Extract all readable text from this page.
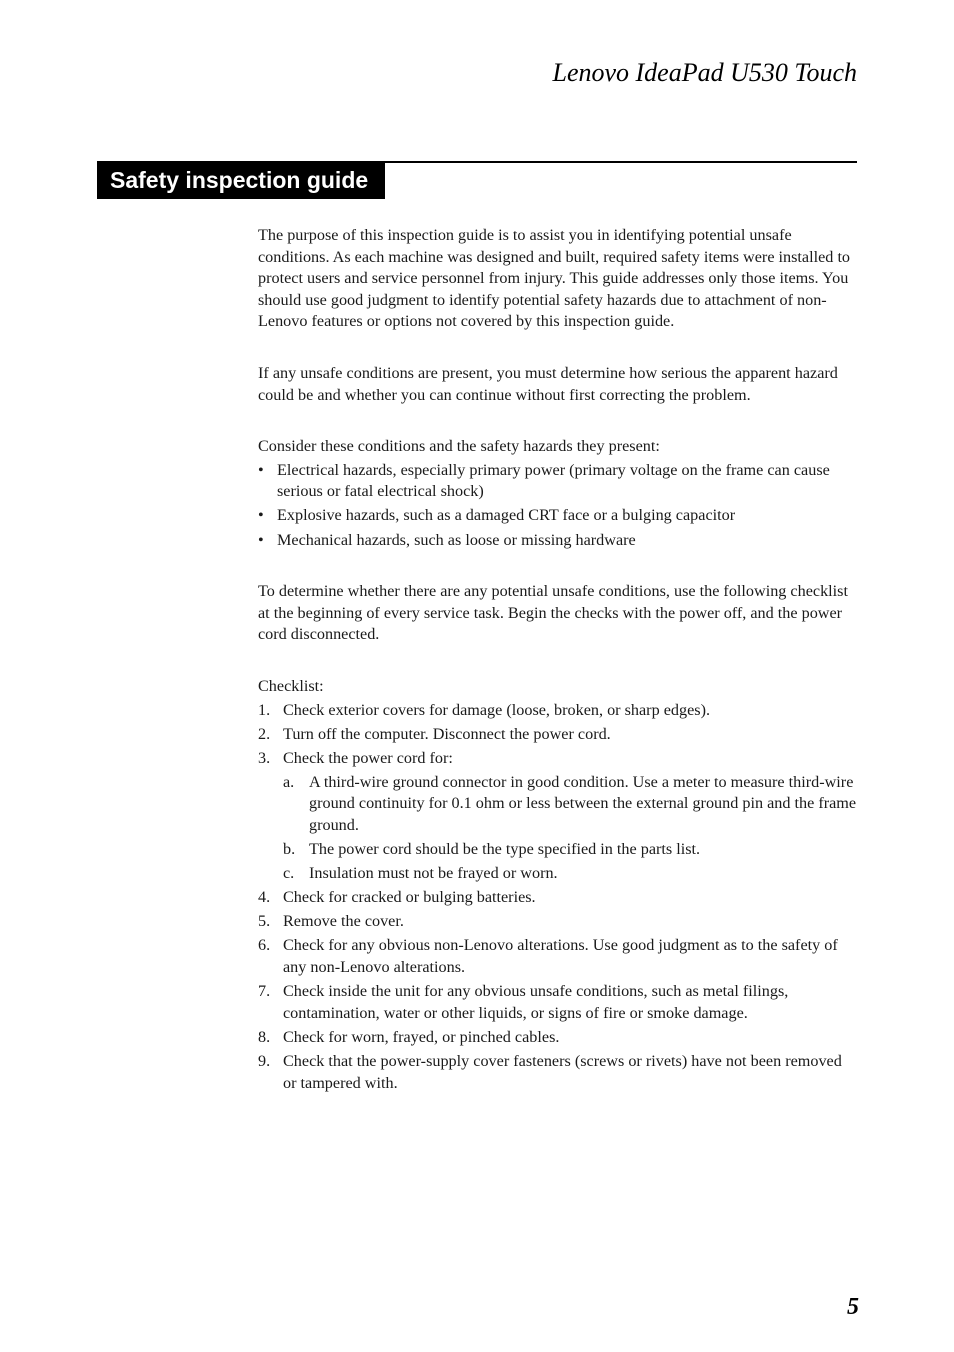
Lenovo IdeaPad U530 Touch
Safety inspection guide

The purpose of this inspection guide is to assist you in identifying potential unsafe conditions. As each machine was designed and built, required safety items were installed to protect users and service personnel from injury. This guide addresses only those items. You should use good judgment to identify potential safety hazards due to attachment of non-Lenovo features or options not covered by this inspection guide.

If any unsafe conditions are present, you must determine how serious the apparent hazard could be and whether you can continue without first correcting the problem.

Consider these conditions and the safety hazards they present:

• Electrical hazards, especially primary power (primary voltage on the frame can cause serious or fatal electrical shock)
• Explosive hazards, such as a damaged CRT face or a bulging capacitor
• Mechanical hazards, such as loose or missing hardware

To determine whether there are any potential unsafe conditions, use the following checklist at the beginning of every service task. Begin the checks with the power off, and the power cord disconnected.

Checklist:

1. Check exterior covers for damage (loose, broken, or sharp edges).
2. Turn off the computer. Disconnect the power cord.
3. Check the power cord for:
a. A third-wire ground connector in good condition. Use a meter to measure third-wire ground continuity for 0.1 ohm or less between the external ground pin and the frame ground.
b. The power cord should be the type specified in the parts list.
c. Insulation must not be frayed or worn.
4. Check for cracked or bulging batteries.
5. Remove the cover.
6. Check for any obvious non-Lenovo alterations. Use good judgment as to the safety of any non-Lenovo alterations.
7. Check inside the unit for any obvious unsafe conditions, such as metal filings, contamination, water or other liquids, or signs of fire or smoke damage.
8. Check for worn, frayed, or pinched cables.
9. Check that the power-supply cover fasteners (screws or rivets) have not been removed or tampered with.
5
